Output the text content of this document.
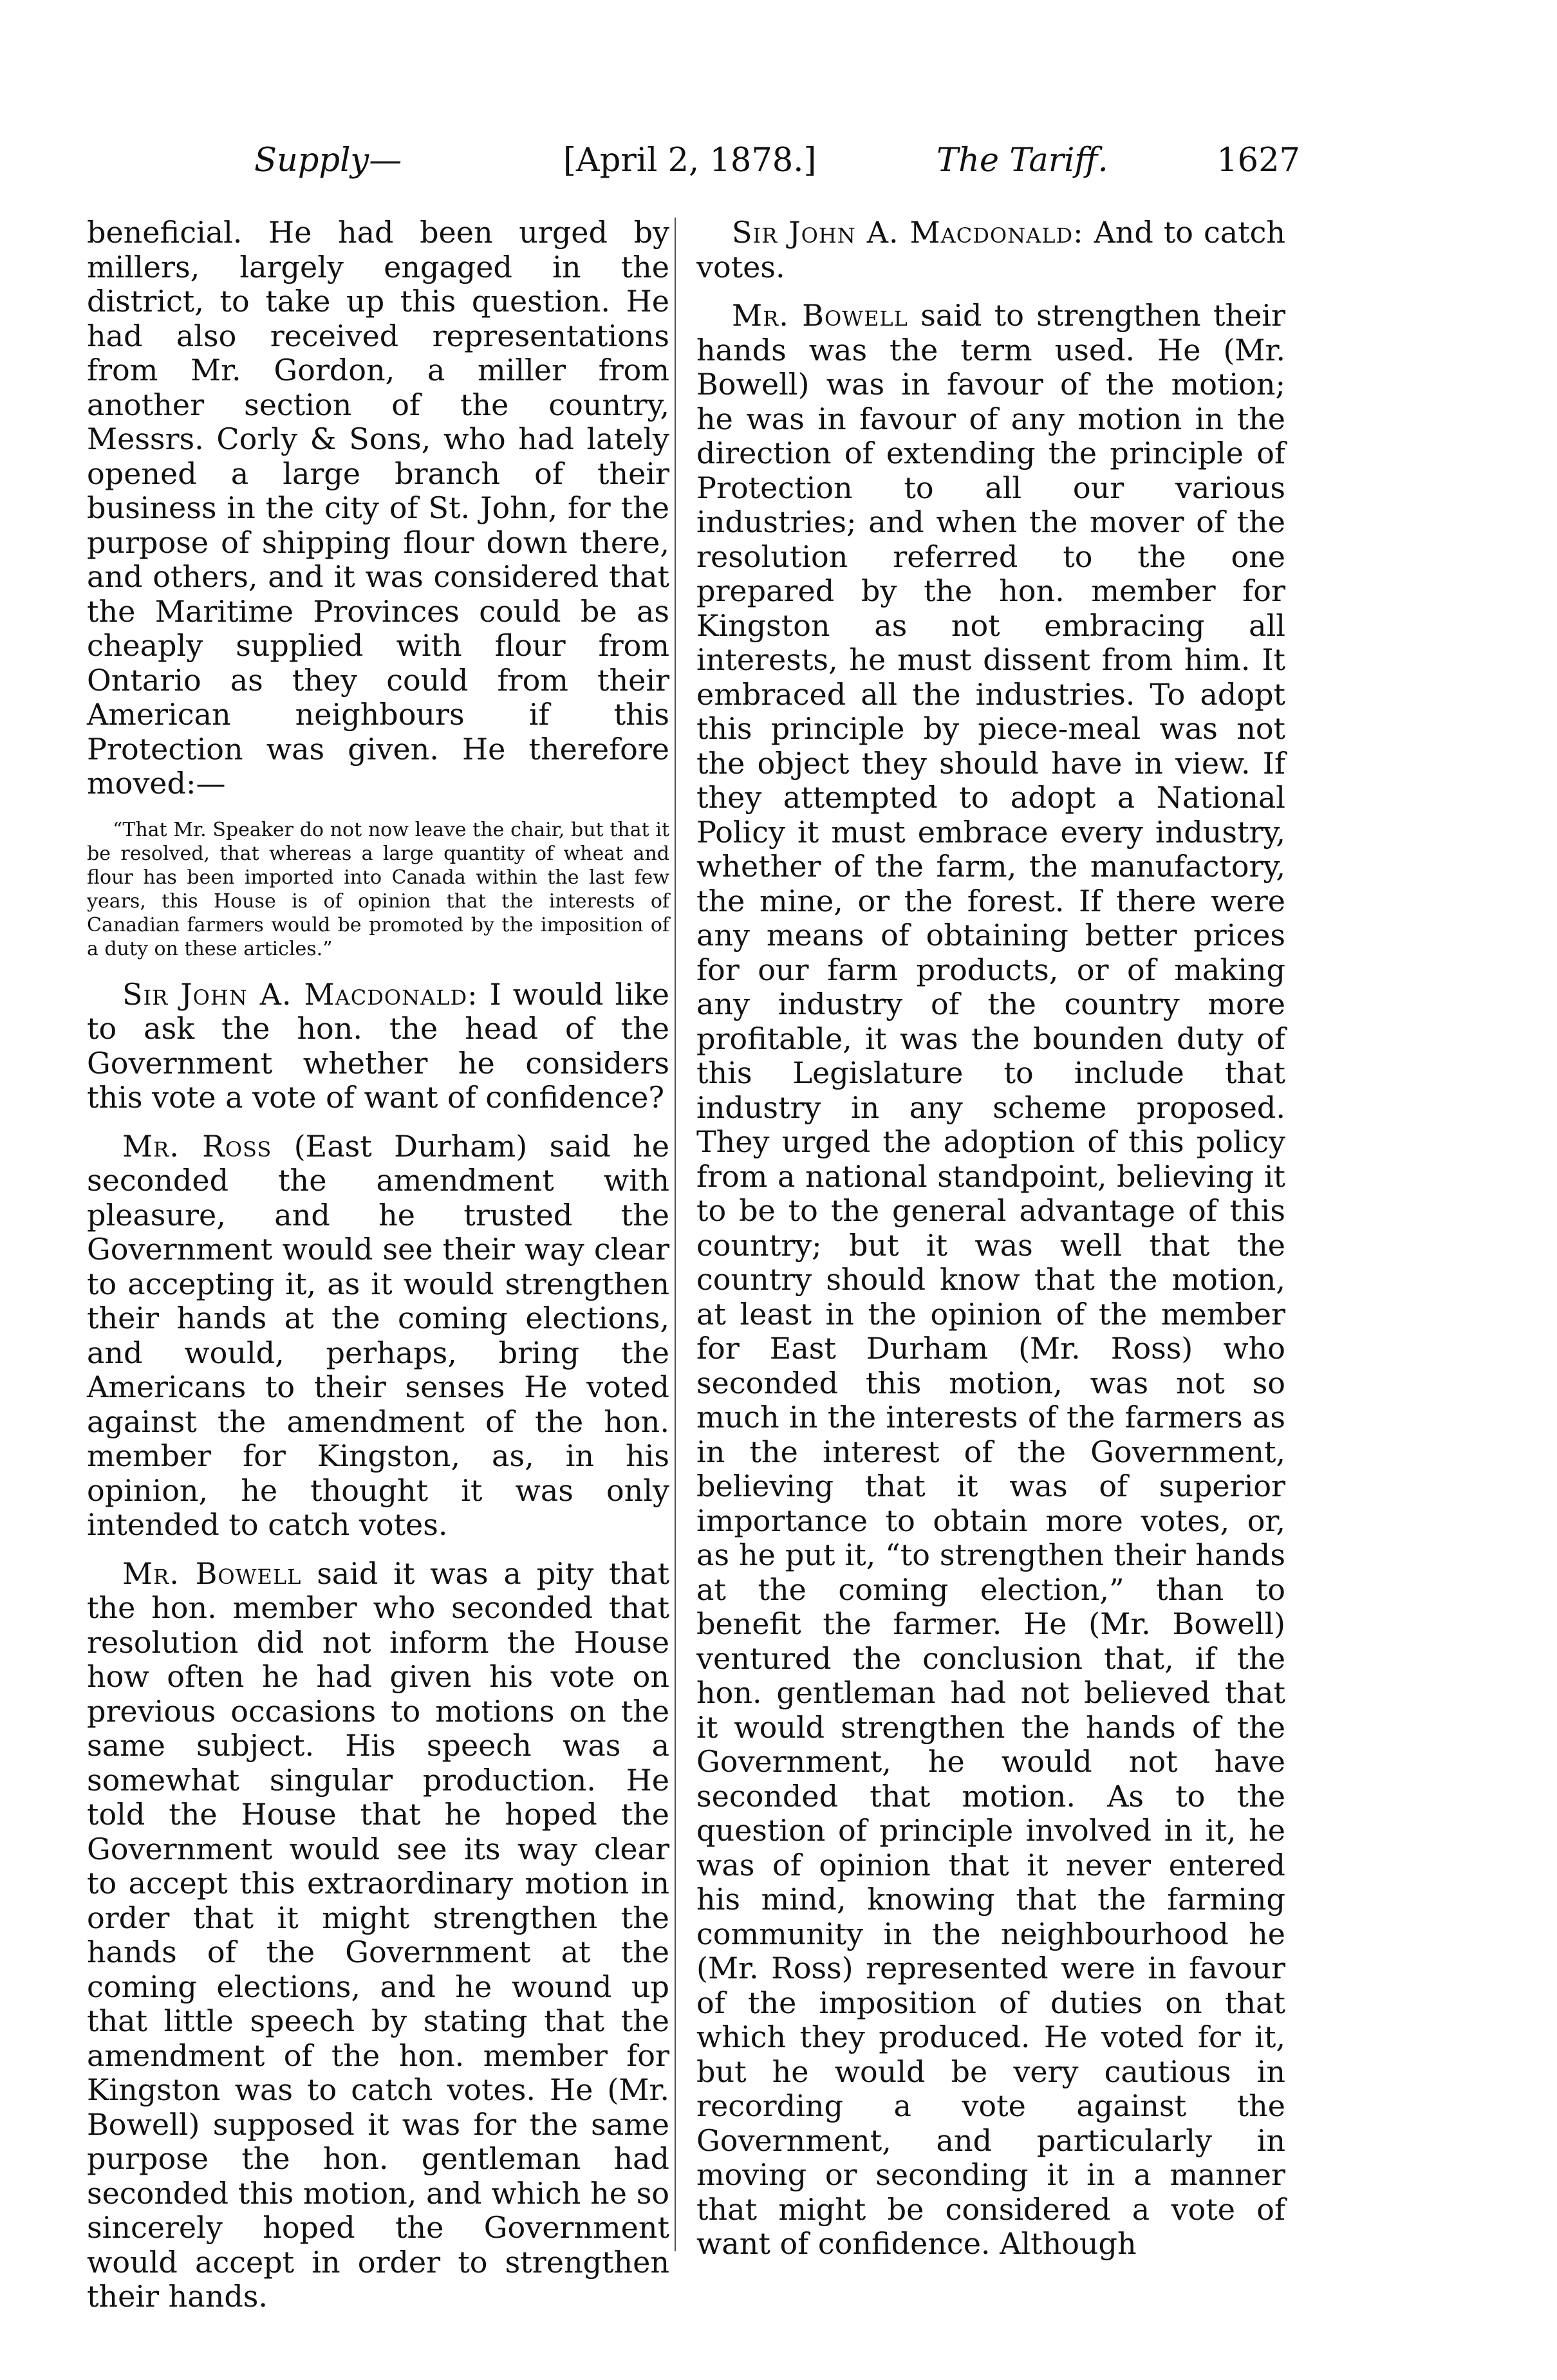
Supply—	[April 2, 1878.]	The Tariff.	1627

beneficial. He had been urged by millers, largely engaged in the district, to take up this question. He had also received representations from Mr. Gordon, a miller from another section of the country, Messrs. Corly & Sons, who had lately opened a large branch of their business in the city of St. John, for the purpose of shipping flour down there, and others, and it was considered that the Maritime Provinces could be as cheaply supplied with flour from Ontario as they could from their American neighbours if this Protection was given. He therefore moved:—

“That Mr. Speaker do not now leave the chair, but that it be resolved, that whereas a large quantity of wheat and flour has been imported into Canada within the last few years, this House is of opinion that the interests of Canadian farmers would be promoted by the imposition of a duty on these articles.”

Sir John A. Macdonald: I would like to ask the hon. the head of the Government whether he considers this vote a vote of want of confidence?

Mr. Ross (East Durham) said he seconded the amendment with pleasure, and he trusted the Government would see their way clear to accepting it, as it would strengthen their hands at the coming elections, and would, perhaps, bring the Americans to their senses He voted against the amendment of the hon. member for Kingston, as, in his opinion, he thought it was only intended to catch votes.

Mr. Bowell said it was a pity that the hon. member who seconded that resolution did not inform the House how often he had given his vote on previous occasions to motions on the same subject. His speech was a somewhat singular production. He told the House that he hoped the Government would see its way clear to accept this extraordinary motion in order that it might strengthen the hands of the Government at the coming elections, and he wound up that little speech by stating that the amendment of the hon. member for Kingston was to catch votes. He (Mr. Bowell) supposed it was for the same purpose the hon. gentleman had seconded this motion, and which he so sincerely hoped the Government would accept in order to strengthen their hands.

Sir John A. Macdonald: And to catch votes.

Mr. Bowell said to strengthen their hands was the term used. He (Mr. Bowell) was in favour of the motion; he was in favour of any motion in the direction of extending the principle of Protection to all our various industries; and when the mover of the resolution referred to the one prepared by the hon. member for Kingston as not embracing all interests, he must dissent from him. It embraced all the industries. To adopt this principle by piece-meal was not the object they should have in view. If they attempted to adopt a National Policy it must embrace every industry, whether of the farm, the manufactory, the mine, or the forest. If there were any means of obtaining better prices for our farm products, or of making any industry of the country more profitable, it was the bounden duty of this Legislature to include that industry in any scheme proposed. They urged the adoption of this policy from a national standpoint, believing it to be to the general advantage of this country; but it was well that the country should know that the motion, at least in the opinion of the member for East Durham (Mr. Ross) who seconded this motion, was not so much in the interests of the farmers as in the interest of the Government, believing that it was of superior importance to obtain more votes, or, as he put it, “to strengthen their hands at the coming election,” than to benefit the farmer. He (Mr. Bowell) ventured the conclusion that, if the hon. gentleman had not believed that it would strengthen the hands of the Government, he would not have seconded that motion. As to the question of principle involved in it, he was of opinion that it never entered his mind, knowing that the farming community in the neighbourhood he (Mr. Ross) represented were in favour of the imposition of duties on that which they produced. He voted for it, but he would be very cautious in recording a vote against the Government, and particularly in moving or seconding it in a manner that might be considered a vote of want of confidence. Although
